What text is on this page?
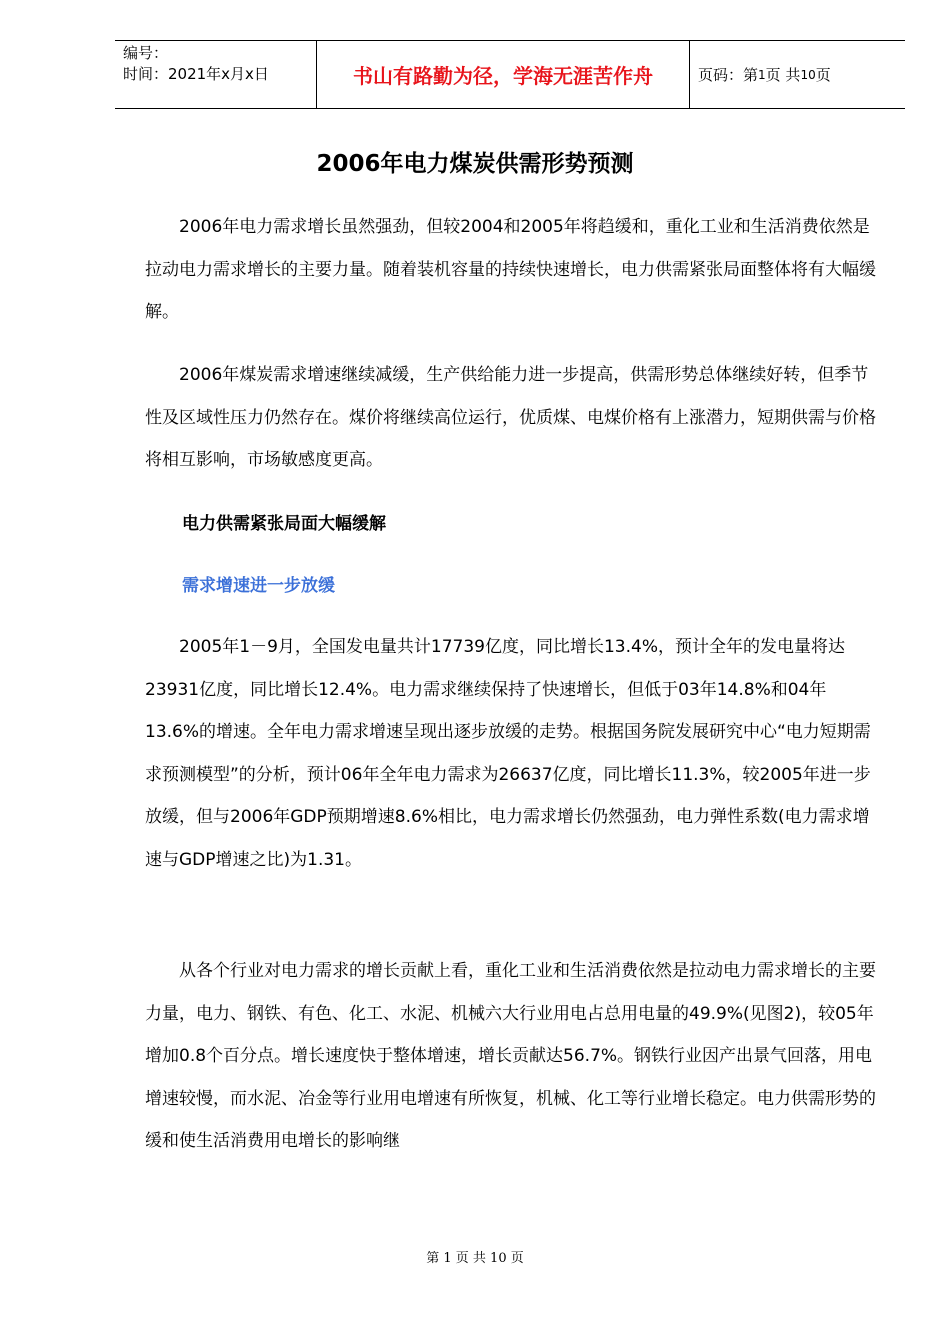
编号：
时间：2021年x月x日	书山有路勤为径，学海无涯苦作舟	页码：第 1 页 共 10 页
2006年电力煤炭供需形势预测

2006年电力需求增长虽然强劲，但较2004和2005年将趋缓和，重化工业和生活消费依然是拉动电力需求增长的主要力量。随着装机容量的持续快速增长，电力供需紧张局面整体将有大幅缓解。

2006年煤炭需求增速继续减缓，生产供给能力进一步提高，供需形势总体继续好转，但季节性及区域性压力仍然存在。煤价将继续高位运行，优质煤、电煤价格有上涨潜力，短期供需与价格将相互影响，市场敏感度更高。

电力供需紧张局面大幅缓解
需求增速进一步放缓

2005年1－9月，全国发电量共计17739亿度，同比增长13.4%，预计全年的发电量将达23931亿度，同比增长12.4%。电力需求继续保持了快速增长，但低于03年14.8%和04年13.6%的增速。全年电力需求增速呈现出逐步放缓的走势。根据国务院发展研究中心“电力短期需求预测模型”的分析，预计06年全年电力需求为26637亿度，同比增长11.3%，较2005年进一步放缓，但与2006年GDP预期增速8.6%相比，电力需求增长仍然强劲，电力弹性系数(电力需求增速与GDP增速之比)为1.31。

从各个行业对电力需求的增长贡献上看，重化工业和生活消费依然是拉动电力需求增长的主要力量，电力、钢铁、有色、化工、水泥、机械六大行业用电占总用电量的49.9%(见图2)，较05年增加0.8个百分点。增长速度快于整体增速，增长贡献达56.7%。钢铁行业因产出景气回落，用电增速较慢，而水泥、冶金等行业用电增速有所恢复，机械、化工等行业增长稳定。电力供需形势的缓和使生活消费用电增长的影响继

第 1 页 共 10 页
